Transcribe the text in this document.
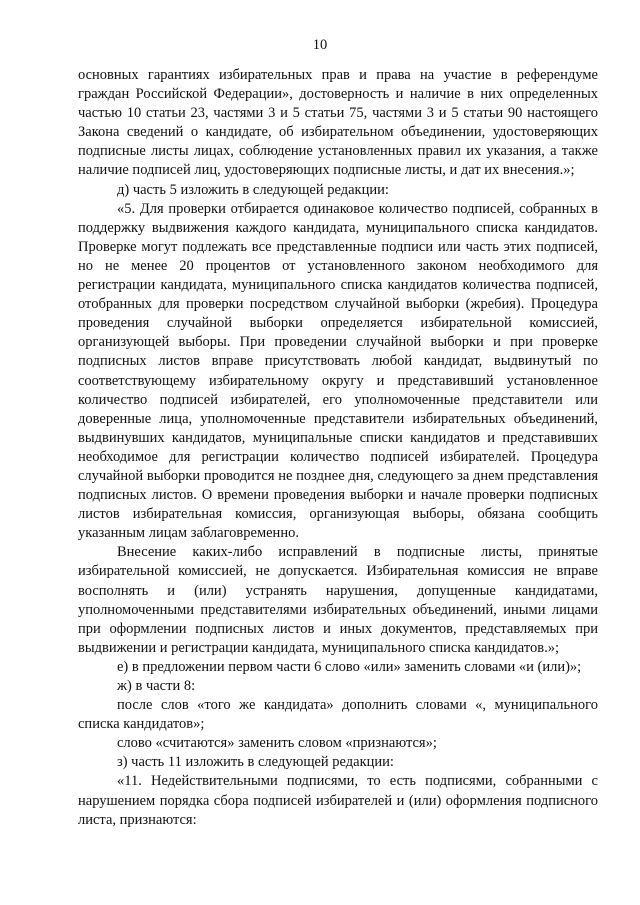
10

основных гарантиях избирательных прав и права на участие в референдуме граждан Российской Федерации», достоверность и наличие в них определенных частью 10 статьи 23, частями 3 и 5 статьи 75, частями 3 и 5 статьи 90 настоящего Закона сведений о кандидате, об избирательном объединении, удостоверяющих подписные листы лицах, соблюдение установленных правил их указания, а также наличие подписей лиц, удостоверяющих подписные листы, и дат их внесения.»;

д) часть 5 изложить в следующей редакции:

«5. Для проверки отбирается одинаковое количество подписей, собранных в поддержку выдвижения каждого кандидата, муниципального списка кандидатов. Проверке могут подлежать все представленные подписи или часть этих подписей, но не менее 20 процентов от установленного законом необходимого для регистрации кандидата, муниципального списка кандидатов количества подписей, отобранных для проверки посредством случайной выборки (жребия). Процедура проведения случайной выборки определяется избирательной комиссией, организующей выборы. При проведении случайной выборки и при проверке подписных листов вправе присутствовать любой кандидат, выдвинутый по соответствующему избирательному округу и представивший установленное количество подписей избирателей, его уполномоченные представители или доверенные лица, уполномоченные представители избирательных объединений, выдвинувших кандидатов, муниципальные списки кандидатов и представивших необходимое для регистрации количество подписей избирателей. Процедура случайной выборки проводится не позднее дня, следующего за днем представления подписных листов. О времени проведения выборки и начале проверки подписных листов избирательная комиссия, организующая выборы, обязана сообщить указанным лицам заблаговременно.

Внесение каких-либо исправлений в подписные листы, принятые избирательной комиссией, не допускается. Избирательная комиссия не вправе восполнять и (или) устранять нарушения, допущенные кандидатами, уполномоченными представителями избирательных объединений, иными лицами при оформлении подписных листов и иных документов, представляемых при выдвижении и регистрации кандидата, муниципального списка кандидатов.»;

е) в предложении первом части 6 слово «или» заменить словами «и (или)»;

ж) в части 8:

после слов «того же кандидата» дополнить словами «, муниципального списка кандидатов»;

слово «считаются» заменить словом «признаются»;

з) часть 11 изложить в следующей редакции:

«11. Недействительными подписями, то есть подписями, собранными с нарушением порядка сбора подписей избирателей и (или) оформления подписного листа, признаются:
